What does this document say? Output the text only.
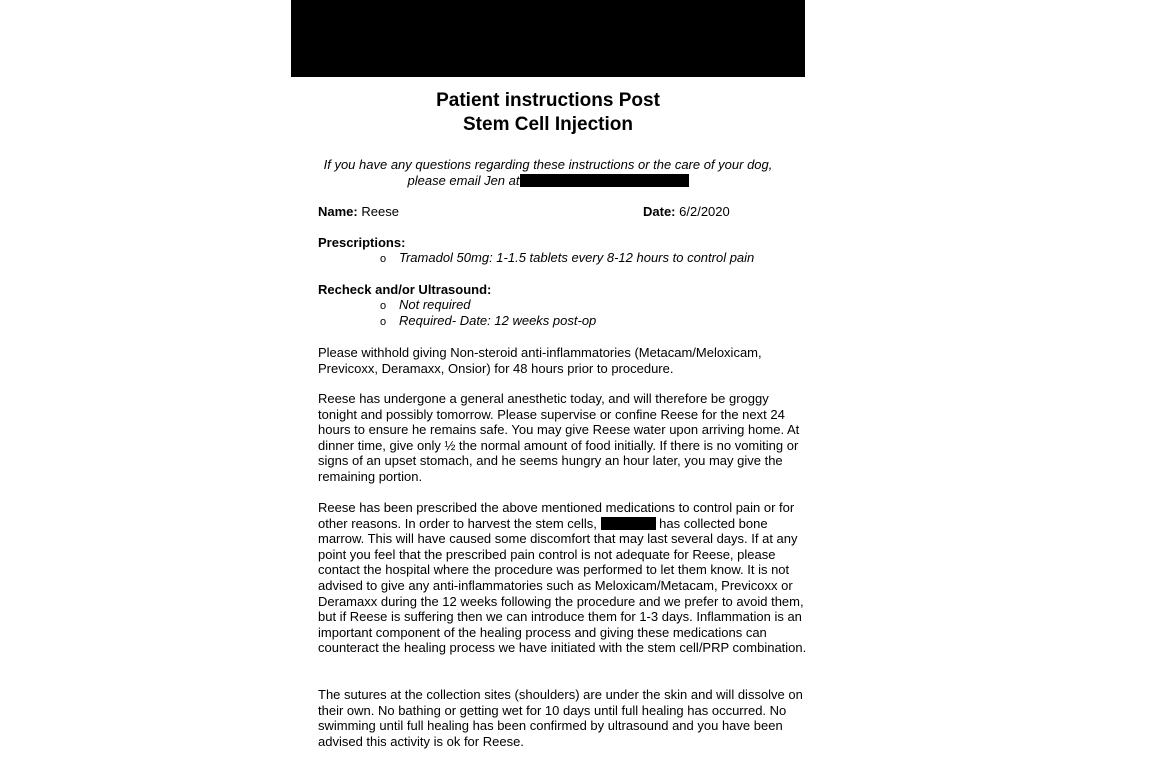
Patient instructions Post
Stem Cell Injection
If you have any questions regarding these instructions or the care of your dog,
please email Jen at
Name: Reese	Date: 6/2/2020
Prescriptions:
o Tramadol 50mg: 1-1.5 tablets every 8-12 hours to control pain
Recheck and/or Ultrasound:
o Not required
o Required- Date: 12 weeks post-op

Please withhold giving Non-steroid anti-inflammatories (Metacam/Meloxicam, Previcoxx, Deramaxx, Onsior) for 48 hours prior to procedure.

Reese has undergone a general anesthetic today, and will therefore be groggy tonight and possibly tomorrow. Please supervise or confine Reese for the next 24 hours to ensure he remains safe. You may give Reese water upon arriving home. At dinner time, give only ½ the normal amount of food initially. If there is no vomiting or signs of an upset stomach, and he seems hungry an hour later, you may give the remaining portion.

Reese has been prescribed the above mentioned medications to control pain or for other reasons. In order to harvest the stem cells,	has collected bone marrow. This will have caused some discomfort that may last several days. If at any point you feel that the prescribed pain control is not adequate for Reese, please contact the hospital where the procedure was performed to let them know. It is not advised to give any anti-inflammatories such as Meloxicam/Metacam, Previcoxx or Deramaxx during the 12 weeks following the procedure and we prefer to avoid them, but if Reese is suffering then we can introduce them for 1-3 days. Inflammation is an important component of the healing process and giving these medications can counteract the healing process we have initiated with the stem cell/PRP combination.

The sutures at the collection sites (shoulders) are under the skin and will dissolve on their own. No bathing or getting wet for 10 days until full healing has occurred. No swimming until full healing has been confirmed by ultrasound and you have been advised this activity is ok for Reese.
